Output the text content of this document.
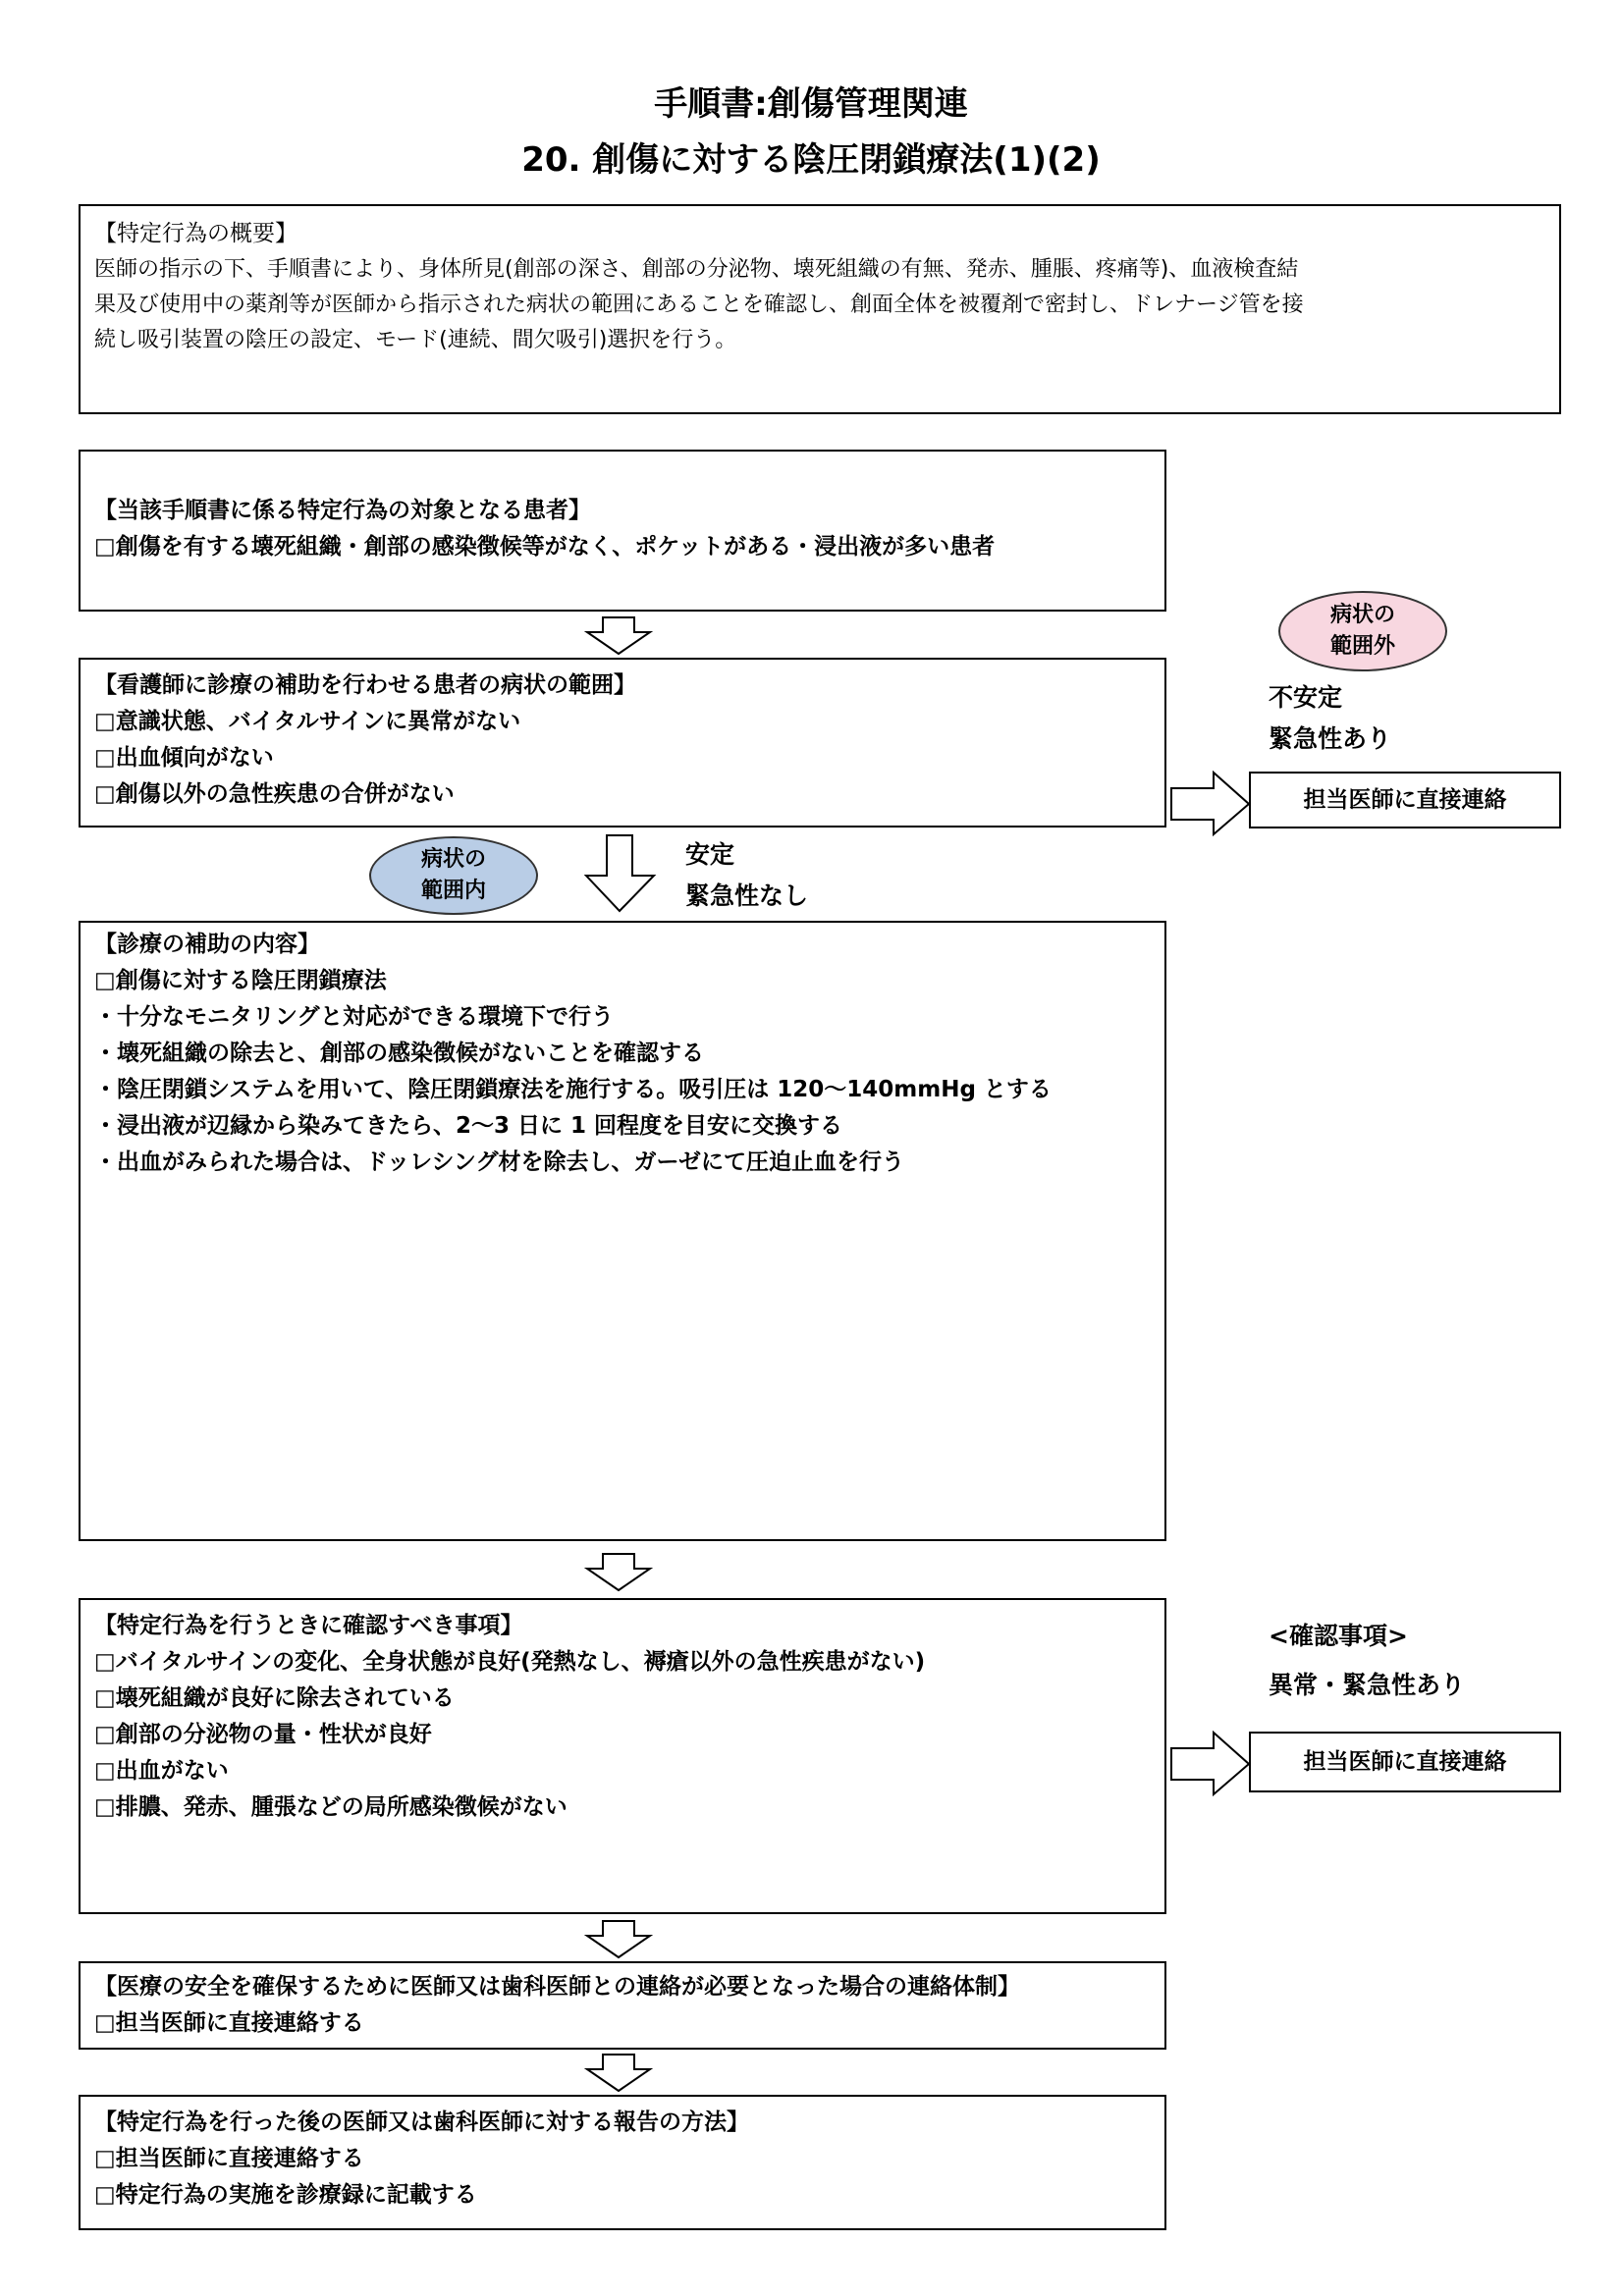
手順書:創傷管理関連
20. 創傷に対する陰圧閉鎖療法(1)(2)
【特定行為の概要】
医師の指示の下、手順書により、身体所見(創部の深さ、創部の分泌物、壊死組織の有無、発赤、腫脹、疼痛等)、血液検査結
果及び使用中の薬剤等が医師から指示された病状の範囲にあることを確認し、創面全体を被覆剤で密封し、ドレナージ管を接
続し吸引装置の陰圧の設定、モード(連続、間欠吸引)選択を行う。
【当該手順書に係る特定行為の対象となる患者】
□創傷を有する壊死組織・創部の感染徴候等がなく、ポケットがある・浸出液が多い患者
【看護師に診療の補助を行わせる患者の病状の範囲】
□意識状態、バイタルサインに異常がない
□出血傾向がない
□創傷以外の急性疾患の合併がない
病状の
範囲外
不安定
緊急性あり
担当医師に直接連絡
病状の
範囲内
安定
緊急性なし
【診療の補助の内容】
□創傷に対する陰圧閉鎖療法
・十分なモニタリングと対応ができる環境下で行う
・壊死組織の除去と、創部の感染徴候がないことを確認する
・陰圧閉鎖システムを用いて、陰圧閉鎖療法を施行する。吸引圧は 120〜140mmHg とする
・浸出液が辺縁から染みてきたら、2〜3 日に 1 回程度を目安に交換する
・出血がみられた場合は、ドッレシング材を除去し、ガーゼにて圧迫止血を行う
【特定行為を行うときに確認すべき事項】
□バイタルサインの変化、全身状態が良好(発熱なし、褥瘡以外の急性疾患がない)
□壊死組織が良好に除去されている
□創部の分泌物の量・性状が良好
□出血がない
□排膿、発赤、腫張などの局所感染徴候がない
<確認事項>
異常・緊急性あり
担当医師に直接連絡
【医療の安全を確保するために医師又は歯科医師との連絡が必要となった場合の連絡体制】
□担当医師に直接連絡する
【特定行為を行った後の医師又は歯科医師に対する報告の方法】
□担当医師に直接連絡する
□特定行為の実施を診療録に記載する
